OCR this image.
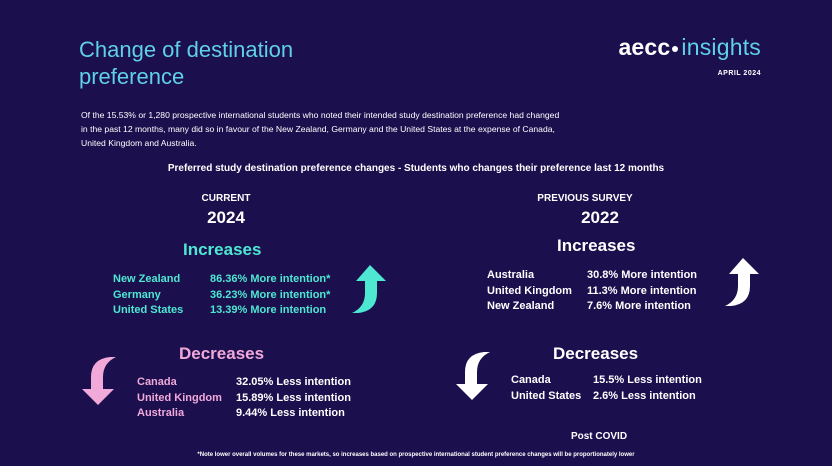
Change of destination preference
aecc insights
APRIL 2024
Of the 15.53% or 1,280 prospective international students who noted their intended study destination preference had changed in the past 12 months, many did so in favour of the New Zealand, Germany and the United States at the expense of Canada, United Kingdom and Australia.
Preferred study destination preference changes - Students who changes their preference last 12 months
CURRENT
2024
Increases
New Zealand	86.36% More intention*
Germany	36.23% More intention*
United States	13.39% More intention
Decreases
Canada	32.05% Less intention
United Kingdom	15.89% Less intention
Australia	9.44% Less intention
PREVIOUS SURVEY
2022
Increases
Australia	30.8% More intention
United Kingdom	11.3% More intention
New Zealand	7.6% More intention
Decreases
Canada	15.5% Less intention
United States	2.6% Less intention
Post COVID
*Note lower overall volumes for these markets, so increases based on prospective international student preference changes will be proportionately lower
